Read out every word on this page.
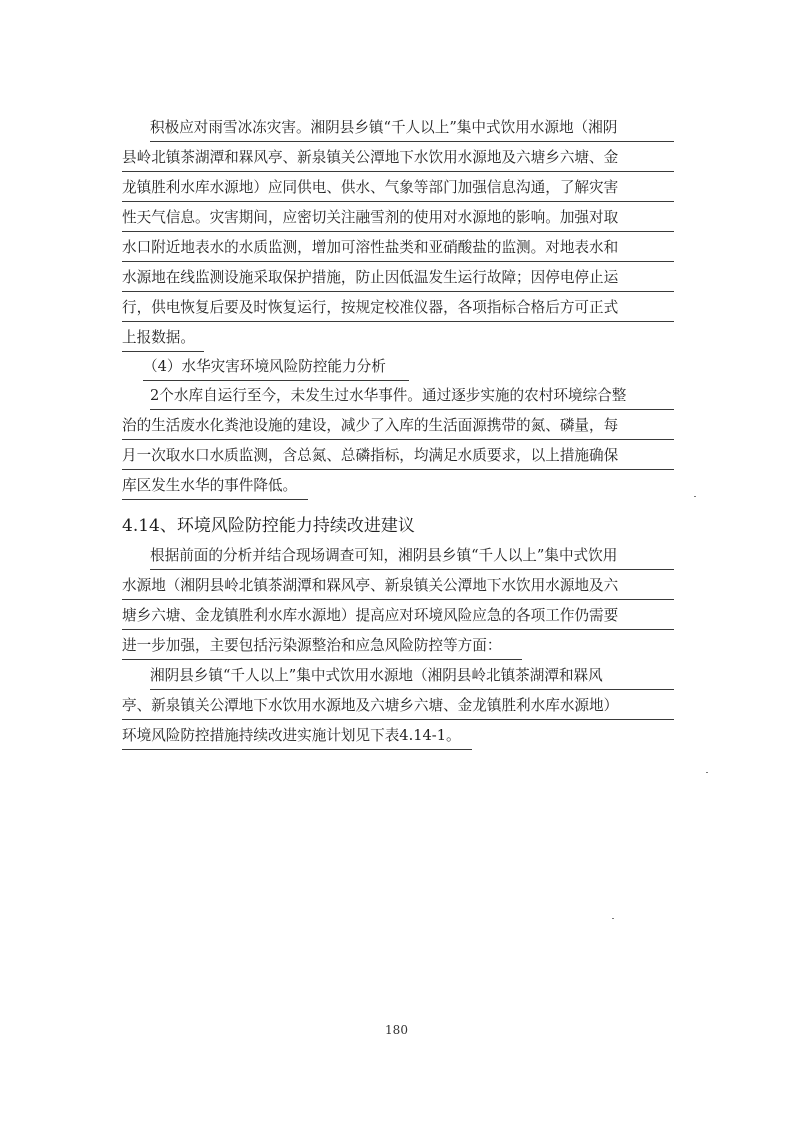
积极应对雨雪冰冻灾害。湘阴县乡镇“千人以上”集中式饮用水源地（湘阴
县岭北镇茶湖潭和槑风亭、新泉镇关公潭地下水饮用水源地及六塘乡六塘、金
龙镇胜利水库水源地）应同供电、供水、气象等部门加强信息沟通，了解灾害
性天气信息。灾害期间，应密切关注融雪剂的使用对水源地的影响。加强对取
水口附近地表水的水质监测，增加可溶性盐类和亚硝酸盐的监测。对地表水和
水源地在线监测设施采取保护措施，防止因低温发生运行故障；因停电停止运
行，供电恢复后要及时恢复运行，按规定校准仪器，各项指标合格后方可正式
上报数据。
（4）水华灾害环境风险防控能力分析
2个水库自运行至今，未发生过水华事件。通过逐步实施的农村环境综合整
治的生活废水化粪池设施的建设，减少了入库的生活面源携带的氮、磷量，每
月一次取水口水质监测，含总氮、总磷指标，均满足水质要求，以上措施确保
库区发生水华的事件降低。
4.14、环境风险防控能力持续改进建议
根据前面的分析并结合现场调查可知，湘阴县乡镇“千人以上”集中式饮用
水源地（湘阴县岭北镇茶湖潭和槑风亭、新泉镇关公潭地下水饮用水源地及六
塘乡六塘、金龙镇胜利水库水源地）提高应对环境风险应急的各项工作仍需要
进一步加强，主要包括污染源整治和应急风险防控等方面：
湘阴县乡镇“千人以上”集中式饮用水源地（湘阴县岭北镇茶湖潭和槑风
亭、新泉镇关公潭地下水饮用水源地及六塘乡六塘、金龙镇胜利水库水源地）
环境风险防控措施持续改进实施计划见下表4.14-1。
180
